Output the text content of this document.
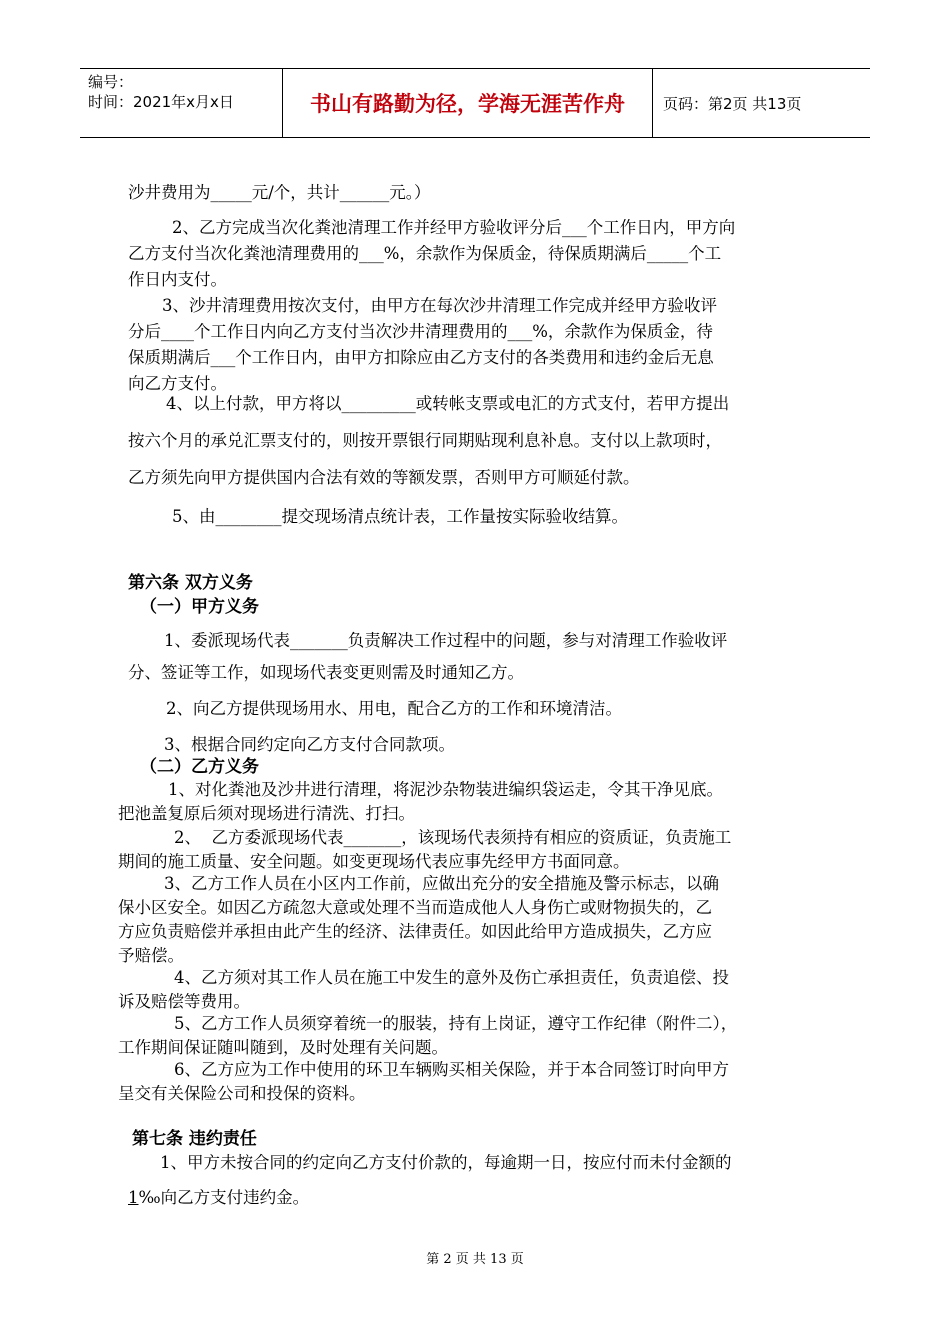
编号：
时间：2021年x月x日	书山有路勤为径，学海无涯苦作舟	页码：第2页 共13页
沙井费用为_____元/个，共计______元。）
2、乙方完成当次化粪池清理工作并经甲方验收评分后___个工作日内，甲方向
乙方支付当次化粪池清理费用的___%，余款作为保质金，待保质期满后_____个工
作日内支付。
3、沙井清理费用按次支付，由甲方在每次沙井清理工作完成并经甲方验收评
分后____个工作日内向乙方支付当次沙井清理费用的___%，余款作为保质金，待
保质期满后___个工作日内，由甲方扣除应由乙方支付的各类费用和违约金后无息
向乙方支付。
4、以上付款，甲方将以_________或转帐支票或电汇的方式支付，若甲方提出
按六个月的承兑汇票支付的，则按开票银行同期贴现利息补息。支付以上款项时，
乙方须先向甲方提供国内合法有效的等额发票，否则甲方可顺延付款。
5、由________提交现场清点统计表，工作量按实际验收结算。
第六条 双方义务
（一）甲方义务
1、委派现场代表_______负责解决工作过程中的问题，参与对清理工作验收评
分、签证等工作，如现场代表变更则需及时通知乙方。
2、向乙方提供现场用水、用电，配合乙方的工作和环境清洁。
3、根据合同约定向乙方支付合同款项。
（二）乙方义务
1、对化粪池及沙井进行清理，将泥沙杂物装进编织袋运走，令其干净见底。
把池盖复原后须对现场进行清洗、打扫。
2、  乙方委派现场代表_______，该现场代表须持有相应的资质证，负责施工
期间的施工质量、安全问题。如变更现场代表应事先经甲方书面同意。
3、乙方工作人员在小区内工作前，应做出充分的安全措施及警示标志，以确
保小区安全。如因乙方疏忽大意或处理不当而造成他人人身伤亡或财物损失的，乙
方应负责赔偿并承担由此产生的经济、法律责任。如因此给甲方造成损失，乙方应
予赔偿。
4、乙方须对其工作人员在施工中发生的意外及伤亡承担责任，负责追偿、投
诉及赔偿等费用。
5、乙方工作人员须穿着统一的服装，持有上岗证，遵守工作纪律（附件二），
工作期间保证随叫随到，及时处理有关问题。
6、乙方应为工作中使用的环卫车辆购买相关保险，并于本合同签订时向甲方
呈交有关保险公司和投保的资料。
第七条 违约责任
1、甲方未按合同的约定向乙方支付价款的，每逾期一日，按应付而未付金额的
1‰向乙方支付违约金。
第 2 页 共 13 页
